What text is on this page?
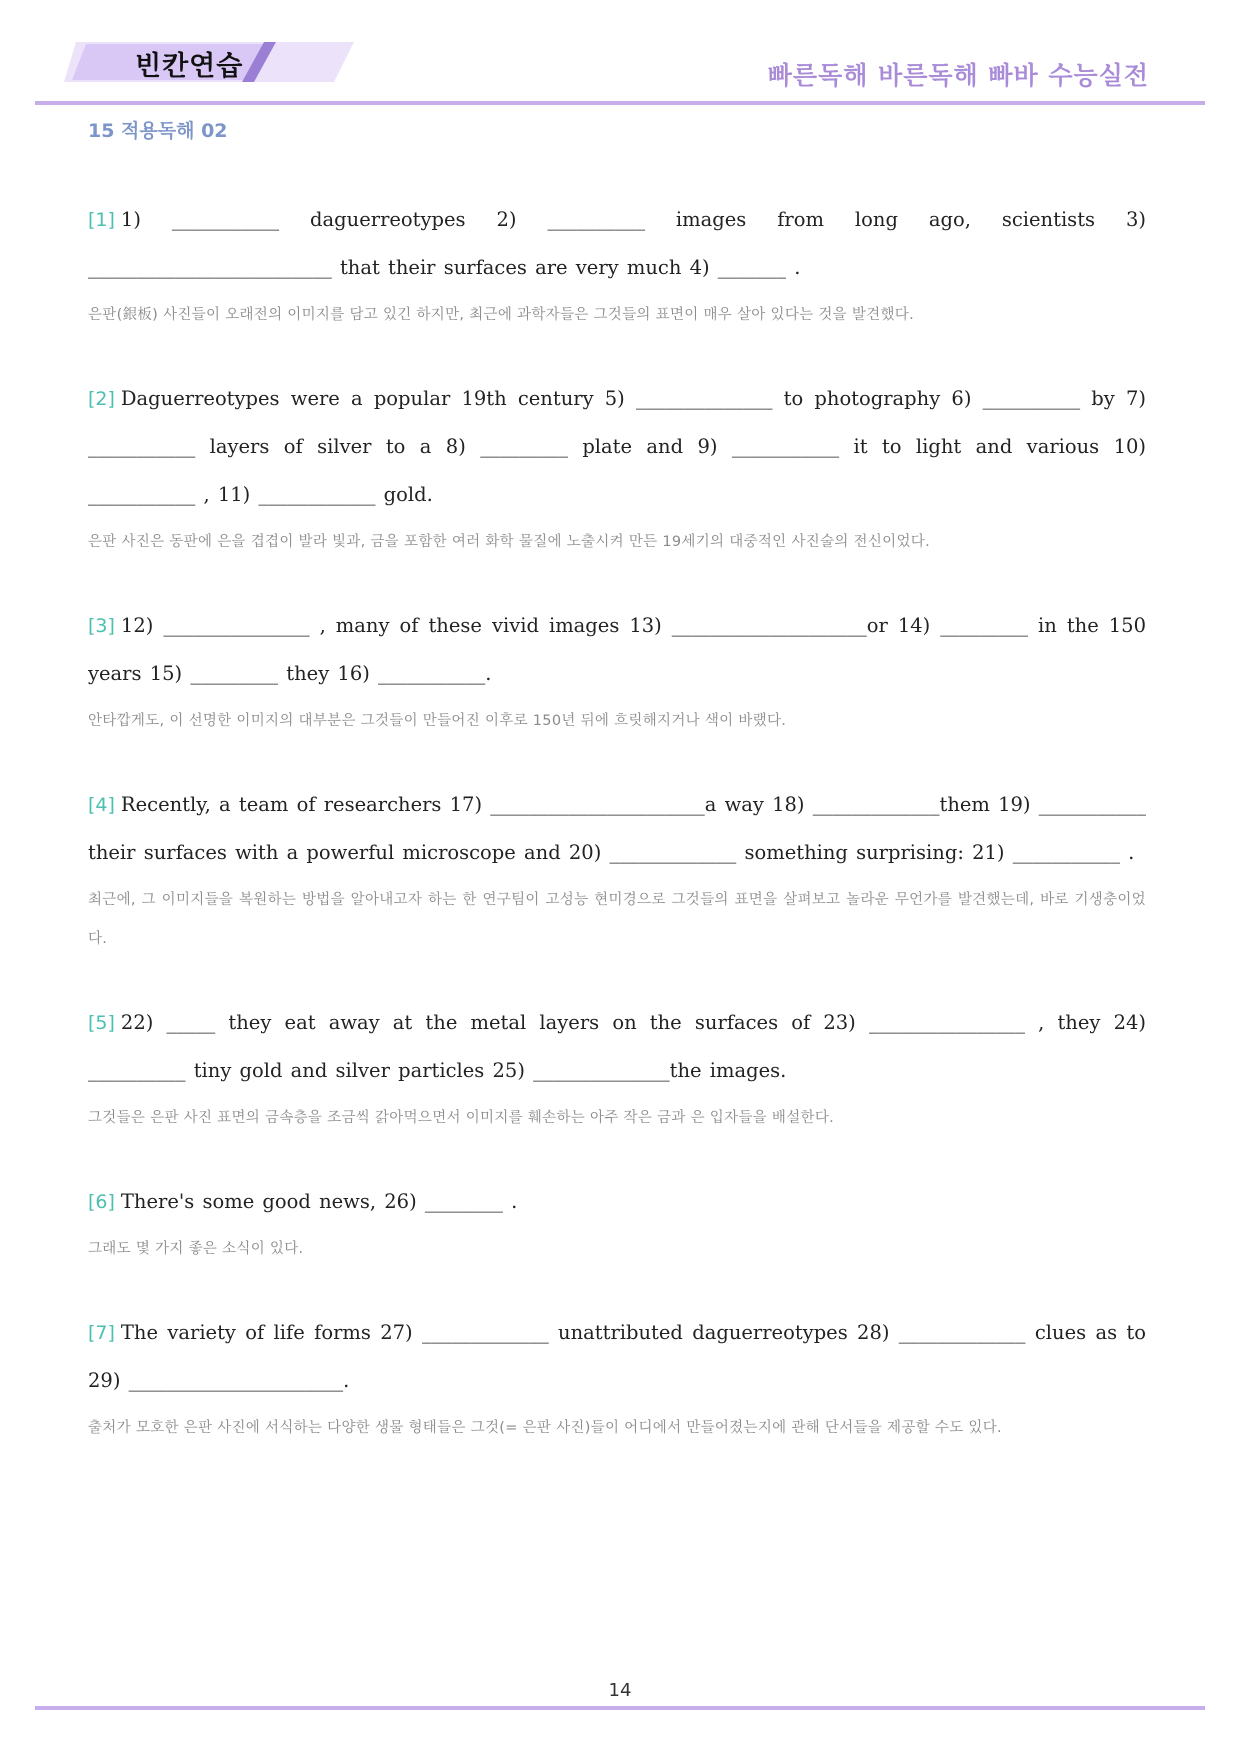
빈칸연습	빠른독해 바른독해 빠바 수능실전
15 적용독해 02

[1] 1) ___________ daguerreotypes 2) __________ images from long ago, scientists 3) _________________________ that their surfaces are very much 4) _______ .

은판(銀板) 사진들이 오래전의 이미지를 담고 있긴 하지만, 최근에 과학자들은 그것들의 표면이 매우 살아 있다는 것을 발견했다.

[2] Daguerreotypes were a popular 19th century 5) ______________ to photography 6) __________ by 7) ___________ layers of silver to a 8) _________ plate and 9) ___________ it to light and various 10) ___________ , 11) ____________ gold.

은판 사진은 동판에 은을 겹겹이 발라 빛과, 금을 포함한 여러 화학 물질에 노출시켜 만든 19세기의 대중적인 사진술의 전신이었다.

[3] 12) _______________ , many of these vivid images 13) ____________________or 14) _________ in the 150 years 15) _________ they 16) ___________.

안타깝게도, 이 선명한 이미지의 대부분은 그것들이 만들어진 이후로 150년 뒤에 흐릿해지거나 색이 바랬다.

[4] Recently, a team of researchers 17) ______________________a way 18) _____________them 19) ___________ their surfaces with a powerful microscope and 20) _____________ something surprising: 21) ___________ .

최근에, 그 이미지들을 복원하는 방법을 알아내고자 하는 한 연구팀이 고성능 현미경으로 그것들의 표면을 살펴보고 놀라운 무언가를 발견했는데, 바로 기생충이었다.

[5] 22) _____ they eat away at the metal layers on the surfaces of 23) ________________ , they 24) __________ tiny gold and silver particles 25) ______________the images.

그것들은 은판 사진 표면의 금속층을 조금씩 갉아먹으면서 이미지를 훼손하는 아주 작은 금과 은 입자들을 배설한다.

[6] There's some good news, 26) ________ .

그래도 몇 가지 좋은 소식이 있다.

[7] The variety of life forms 27) _____________ unattributed daguerreotypes 28) _____________ clues as to 29) ______________________.

출처가 모호한 은판 사진에 서식하는 다양한 생물 형태들은 그것(= 은판 사진)들이 어디에서 만들어졌는지에 관해 단서들을 제공할 수도 있다.

14
